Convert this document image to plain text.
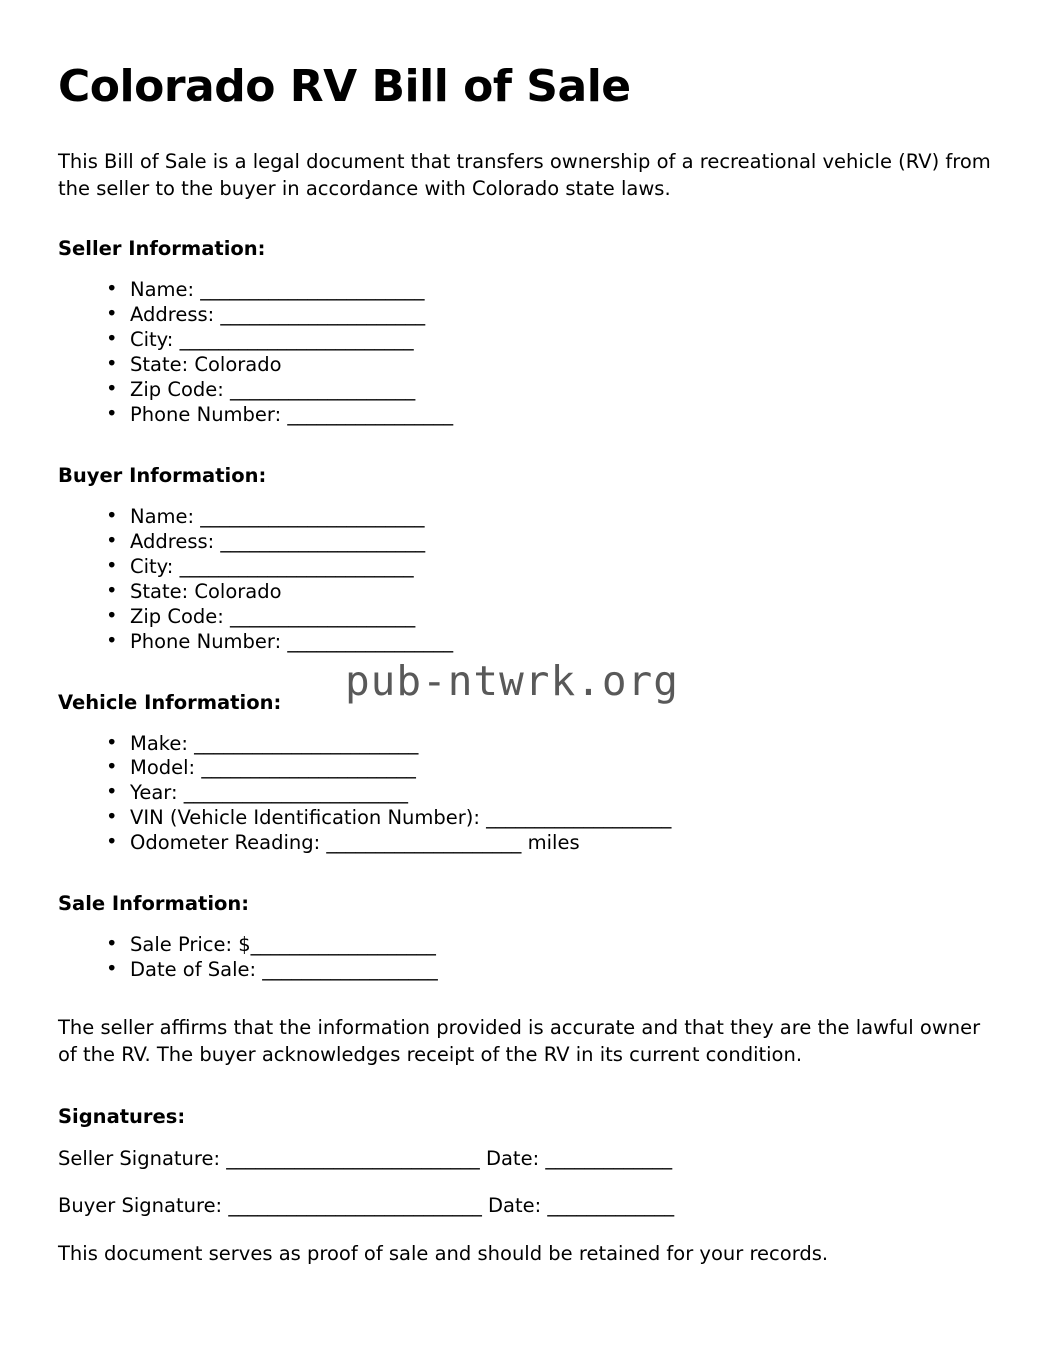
Colorado RV Bill of Sale

This Bill of Sale is a legal document that transfers ownership of a recreational vehicle (RV) from the seller to the buyer in accordance with Colorado state laws.

Seller Information:
• Name: _______________________
• Address: _____________________
• City: ________________________
• State: Colorado
• Zip Code: ___________________
• Phone Number: _________________
Buyer Information:
• Name: _______________________
• Address: _____________________
• City: ________________________
• State: Colorado
• Zip Code: ___________________
• Phone Number: _________________
Vehicle Information:
• Make: _______________________
• Model: ______________________
• Year: _______________________
• VIN (Vehicle Identification Number): ___________________
• Odometer Reading: ____________________ miles
Sale Information:
• Sale Price: $___________________
• Date of Sale: __________________

The seller affirms that the information provided is accurate and that they are the lawful owner of the RV. The buyer acknowledges receipt of the RV in its current condition.

Signatures:
Seller Signature: __________________________ Date: _____________
Buyer Signature: __________________________ Date: _____________

This document serves as proof of sale and should be retained for your records.

pub-ntwrk.org
